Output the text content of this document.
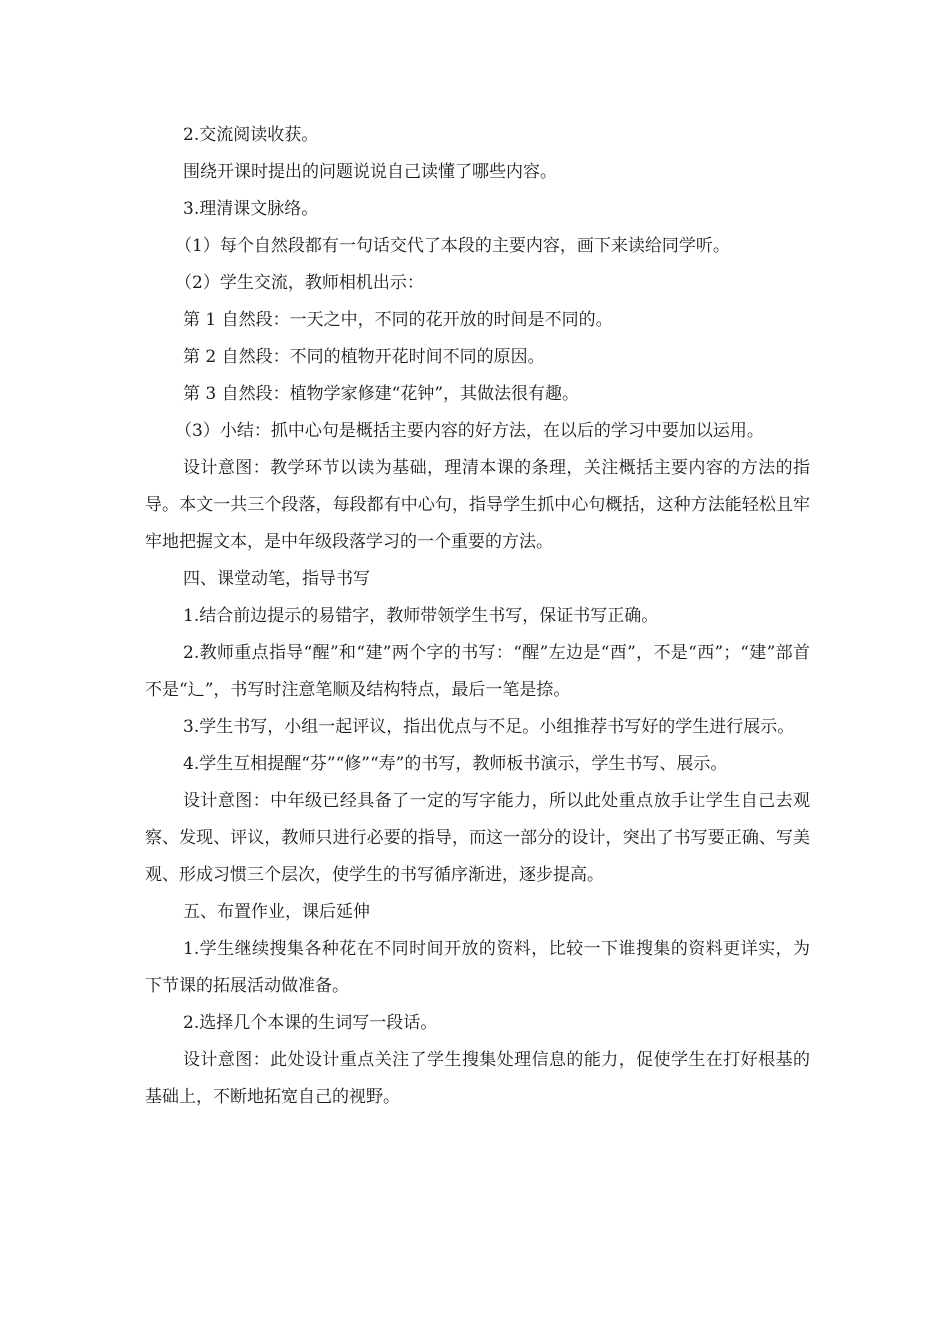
2.交流阅读收获。

围绕开课时提出的问题说说自己读懂了哪些内容。

3.理清课文脉络。

（1）每个自然段都有一句话交代了本段的主要内容，画下来读给同学听。

（2）学生交流，教师相机出示：

第 1 自然段：一天之中，不同的花开放的时间是不同的。

第 2 自然段：不同的植物开花时间不同的原因。

第 3 自然段：植物学家修建“花钟”，其做法很有趣。

（3）小结：抓中心句是概括主要内容的好方法，在以后的学习中要加以运用。

设计意图：教学环节以读为基础，理清本课的条理，关注概括主要内容的方法的指导。本文一共三个段落，每段都有中心句，指导学生抓中心句概括，这种方法能轻松且牢牢地把握文本，是中年级段落学习的一个重要的方法。

四、课堂动笔，指导书写

1.结合前边提示的易错字，教师带领学生书写，保证书写正确。

2.教师重点指导“醒”和“建”两个字的书写：“醒”左边是“酉”，不是“西”；“建”部首不是“辶”，书写时注意笔顺及结构特点，最后一笔是捺。

3.学生书写，小组一起评议，指出优点与不足。小组推荐书写好的学生进行展示。

4.学生互相提醒“芬”“修”“寿”的书写，教师板书演示，学生书写、展示。

设计意图：中年级已经具备了一定的写字能力，所以此处重点放手让学生自己去观察、发现、评议，教师只进行必要的指导，而这一部分的设计，突出了书写要正确、写美观、形成习惯三个层次，使学生的书写循序渐进，逐步提高。

五、布置作业，课后延伸

1.学生继续搜集各种花在不同时间开放的资料，比较一下谁搜集的资料更详实，为下节课的拓展活动做准备。

2.选择几个本课的生词写一段话。

设计意图：此处设计重点关注了学生搜集处理信息的能力，促使学生在打好根基的基础上，不断地拓宽自己的视野。
